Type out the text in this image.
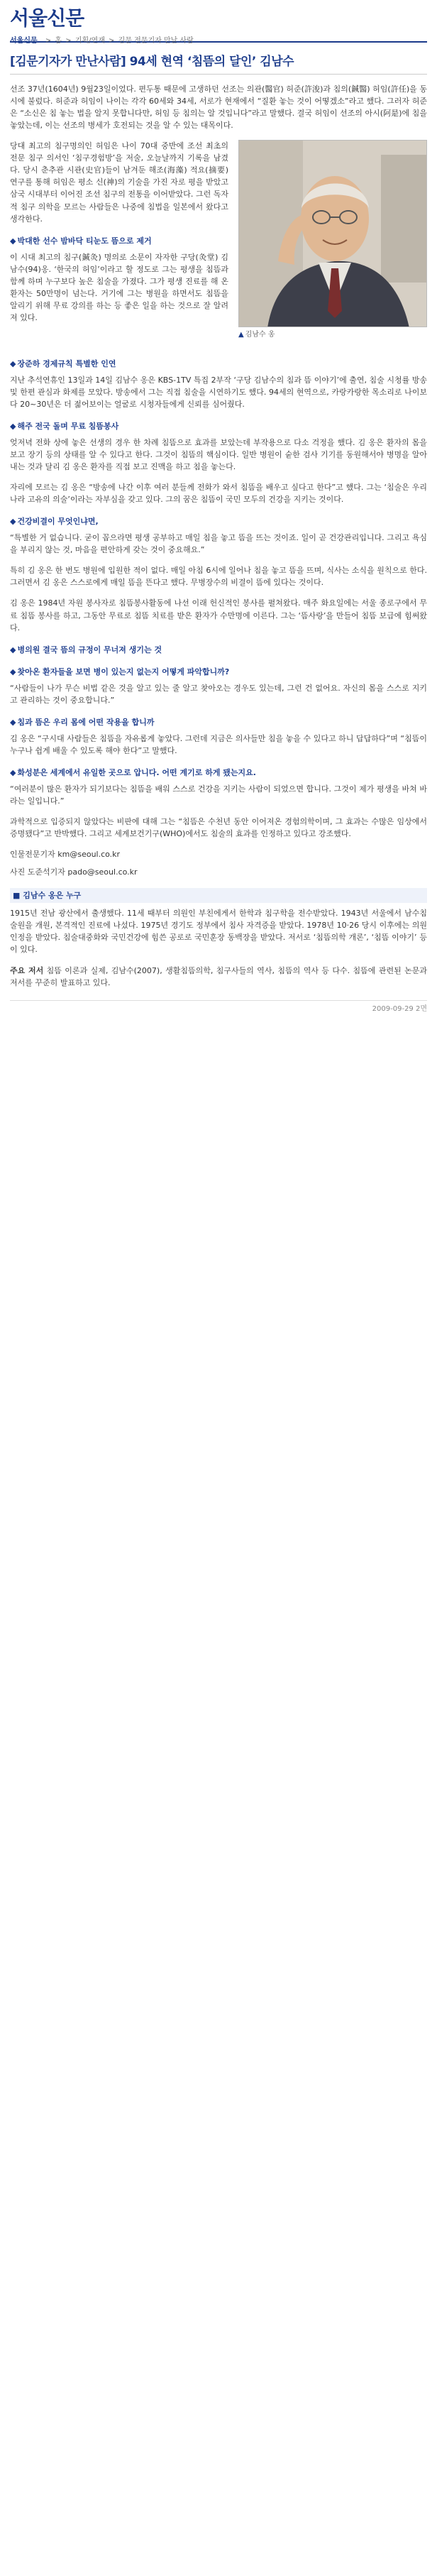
서울신문
서울신문 > 홈 > 기획/연재 > 김문 전문기자 만날 사람
[김문기자가 만난사람] 94세 현역 ‘침뜸의 달인’ 김남수

선조 37년(1604년) 9월23일이었다. 편두통 때문에 고생하던 선조는 의관(醫官) 허준(許浚)과 침의(鍼醫) 허임(許任)을 동시에 불렀다. 허준과 허임이 나이는 각각 60세와 34세, 서로가 현재에서 “질환 놓는 것이 어떻겠소”라고 했다. 그러자 허준은 “소신은 침 놓는 법을 알지 못합니다만, 허임 등 침의는 알 것입니다”라고 말했다. 결국 허임이 선조의 아시(阿是)에 침을 놓았는데, 이는 선조의 병세가 호전되는 것을 알 수 있는 대목이다.

▲ 김남수 옹

당대 최고의 침구명의인 허임은 나이 70대 중반에 조선 최초의 전문 침구 의서인 ‘침구경험방’을 저술, 오늘날까지 기록을 남겼다. 당시 춘추관 시관(史官)들이 남겨둔 해조(海藻) 적요(摘要) 연구를 통해 허임은 평소 신(神)의 기술을 가진 자로 평을 받았고 삼국 시대부터 이어진 조선 침구의 전통을 이어받았다. 그런 독자적 침구 의학을 모르는 사람들은 나중에 침법을 일본에서 왔다고 생각한다.

◆ 박대한 선수 밤바닥 티눈도 뜸으로 제거

이 시대 최고의 침구(鍼灸) 명의로 소문이 자자한 구당(灸堂) 김남수(94)옹. ‘한국의 허임’이라고 할 정도로 그는 평생을 침뜸과 함께 하며 누구보다 높은 침술을 가졌다. 그가 평생 진료를 해 온 환자는 50만명이 넘는다. 거기에 그는 병원을 하면서도 침뜸을 알리기 위해 무료 강의를 하는 등 좋은 일을 하는 것으로 잘 알려져 있다.

◆ 장준하 경제규칙 특별한 인연

지난 추석연휴인 13일과 14일 김남수 옹은 KBS-1TV 특집 2부작 ‘구당 김남수의 침과 뜸 이야기’에 출연, 침술 시청률 방송 및 한편 관심과 화제를 모았다. 방송에서 그는 직접 침술을 시연하기도 했다. 94세의 현역으로, 카랑카랑한 목소리로 나이보다 20~30년은 더 젊어보이는 얼굴로 시청자들에게 신뢰를 심어줬다.

◆ 해주 전국 돌며 무료 침뜸봉사

엊저녁 전화 상에 놓은 선생의 경우 한 차례 침뜸으로 효과를 보았는데 부작용으로 다소 걱정을 했다. 김 옹은 환자의 몸을 보고 장기 등의 상태를 알 수 있다고 한다. 그것이 침뜸의 핵심이다. 일반 병원이 숱한 검사 기기를 동원해서야 병명을 알아내는 것과 달리 김 옹은 환자를 직접 보고 진맥을 하고 침을 놓는다.

자리에 모르는 김 옹은 “방송에 나간 이후 여러 분들께 전화가 와서 침뜸을 배우고 싶다고 한다”고 했다. 그는 ‘침술은 우리나라 고유의 의술’이라는 자부심을 갖고 있다. 그의 꿈은 침뜸이 국민 모두의 건강을 지키는 것이다.

◆ 건강비결이 무엇인냐면,

“특별한 거 없습니다. 굳이 꼽으라면 평생 공부하고 매일 침을 놓고 뜸을 뜨는 것이죠. 일이 곧 건강관리입니다. 그리고 욕심을 부리지 않는 것, 마음을 편안하게 갖는 것이 중요해요.”

특히 김 옹은 한 번도 병원에 입원한 적이 없다. 매일 아침 6시에 일어나 침을 놓고 뜸을 뜨며, 식사는 소식을 원칙으로 한다. 그러면서 김 옹은 스스로에게 매일 뜸을 뜬다고 했다. 무병장수의 비결이 뜸에 있다는 것이다.

김 옹은 1984년 자원 봉사자로 침뜸봉사활동에 나선 이래 헌신적인 봉사를 펼쳐왔다. 매주 화요일에는 서울 종로구에서 무료 침뜸 봉사를 하고, 그동안 무료로 침뜸 치료를 받은 환자가 수만명에 이른다. 그는 ‘뜸사랑’을 만들어 침뜸 보급에 힘써왔다.

◆ 병의원 결국 뜸의 규정이 무너져 생기는 것
◆ 찾아온 환자들을 보면 병이 있는지 없는지 어떻게 파악합니까?

“사람들이 나가 무슨 비법 같은 것을 알고 있는 줄 알고 찾아오는 경우도 있는데, 그런 건 없어요. 자신의 몸을 스스로 지키고 관리하는 것이 중요합니다.”

◆ 침과 뜸은 우리 몸에 어떤 작용을 합니까

김 옹은 “구시대 사람들은 침뜸을 자유롭게 놓았다. 그런데 지금은 의사들만 침을 놓을 수 있다고 하니 답답하다”며 “침뜸이 누구나 쉽게 배울 수 있도록 해야 한다”고 말했다.

◆ 화성분은 세계에서 유일한 곳으로 압니다. 어떤 계기로 하게 됐는지요.

“여러분이 많은 환자가 되기보다는 침뜸을 배워 스스로 건강을 지키는 사람이 되었으면 합니다. 그것이 제가 평생을 바쳐 바라는 일입니다.”

과학적으로 입증되지 않았다는 비판에 대해 그는 “침뜸은 수천년 동안 이어져온 경험의학이며, 그 효과는 수많은 임상에서 증명됐다”고 반박했다. 그리고 세계보건기구(WHO)에서도 침술의 효과를 인정하고 있다고 강조했다.

인물전문기자 km@seoul.co.kr
사진 도준석기자 pado@seoul.co.kr
■ 김남수 옹은 누구

1915년 전남 광산에서 출생했다. 11세 때부터 의원인 부친에게서 한학과 침구학을 전수받았다. 1943년 서울에서 남수침술원을 개원, 본격적인 진료에 나섰다. 1975년 경기도 정부에서 침사 자격증을 받았다. 1978년 10·26 당시 이후에는 의원인정을 받았다. 침술대중화와 국민건강에 힘쓴 공로로 국민훈장 동백장을 받았다. 저서로 ‘침뜸의학 개론’, ‘침뜸 이야기’ 등이 있다.

주요 저서 침뜸 이론과 실제, 김남수(2007), 생활침뜸의학, 침구사들의 역사, 침뜸의 역사 등 다수. 침뜸에 관련된 논문과 저서를 꾸준히 발표하고 있다.

2009-09-29 2면
